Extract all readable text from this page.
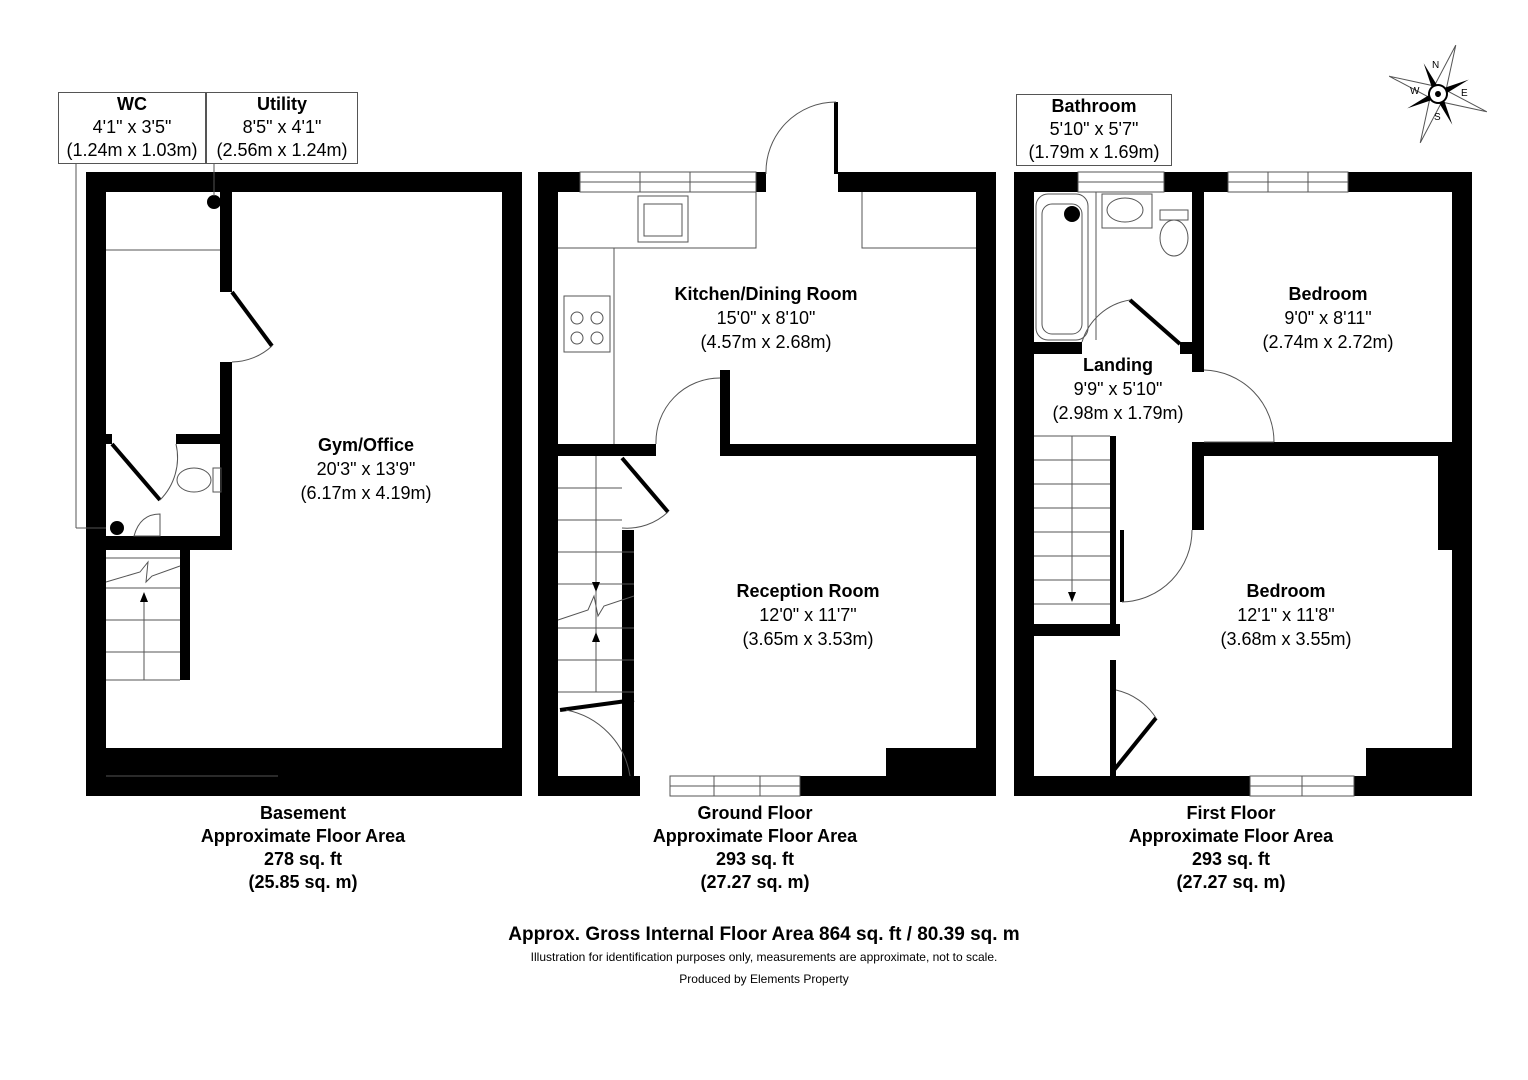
N
E
S
W
WC
4'1" x 3'5"
(1.24m x 1.03m)
Utility
8'5" x 4'1"
(2.56m x 1.24m)
Bathroom
5'10" x 5'7"
(1.79m x 1.69m)
Gym/Office
20'3" x 13'9"
(6.17m x 4.19m)
Kitchen/Dining Room
15'0" x 8'10"
(4.57m x 2.68m)
Reception Room
12'0" x 11'7"
(3.65m x 3.53m)
Landing
9'9" x 5'10"
(2.98m x 1.79m)
Bedroom
9'0" x 8'11"
(2.74m x 2.72m)
Bedroom
12'1" x 11'8"
(3.68m x 3.55m)
Basement
Approximate Floor Area
278 sq. ft
(25.85 sq. m)
Ground Floor
Approximate Floor Area
293 sq. ft
(27.27 sq. m)
First Floor
Approximate Floor Area
293 sq. ft
(27.27 sq. m)
Approx. Gross Internal Floor Area 864 sq. ft / 80.39 sq. m
Illustration for identification purposes only, measurements are approximate, not to scale.
Produced by Elements Property
